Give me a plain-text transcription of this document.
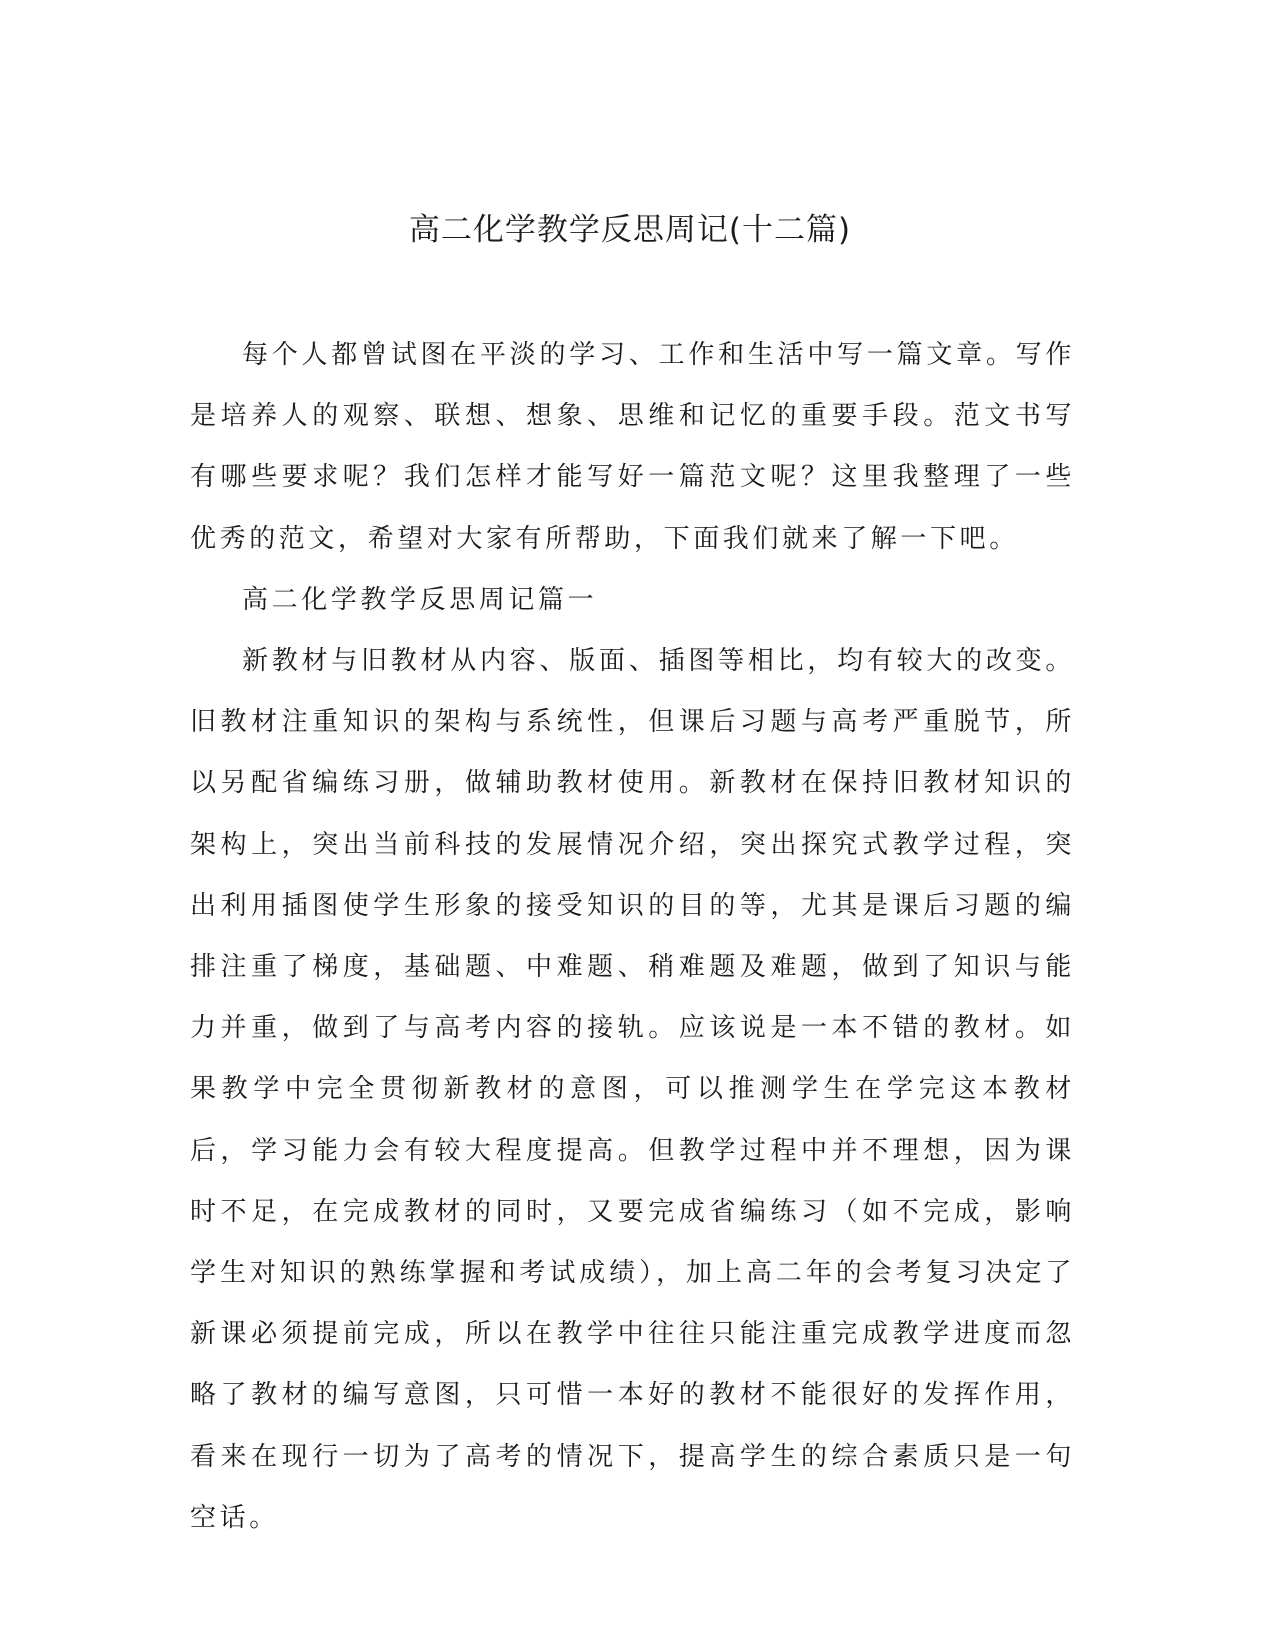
高二化学教学反思周记(十二篇)

每个人都曾试图在平淡的学习、工作和生活中写一篇文章。写作是培养人的观察、联想、想象、思维和记忆的重要手段。范文书写有哪些要求呢？我们怎样才能写好一篇范文呢？这里我整理了一些优秀的范文，希望对大家有所帮助，下面我们就来了解一下吧。

高二化学教学反思周记篇一

新教材与旧教材从内容、版面、插图等相比，均有较大的改变。旧教材注重知识的架构与系统性，但课后习题与高考严重脱节，所以另配省编练习册，做辅助教材使用。新教材在保持旧教材知识的架构上，突出当前科技的发展情况介绍，突出探究式教学过程，突出利用插图使学生形象的接受知识的目的等，尤其是课后习题的编排注重了梯度，基础题、中难题、稍难题及难题，做到了知识与能力并重，做到了与高考内容的接轨。应该说是一本不错的教材。如果教学中完全贯彻新教材的意图，可以推测学生在学完这本教材后，学习能力会有较大程度提高。但教学过程中并不理想，因为课时不足，在完成教材的同时，又要完成省编练习（如不完成，影响学生对知识的熟练掌握和考试成绩），加上高二年的会考复习决定了新课必须提前完成，所以在教学中往往只能注重完成教学进度而忽略了教材的编写意图，只可惜一本好的教材不能很好的发挥作用，看来在现行一切为了高考的情况下，提高学生的综合素质只是一句空话。
